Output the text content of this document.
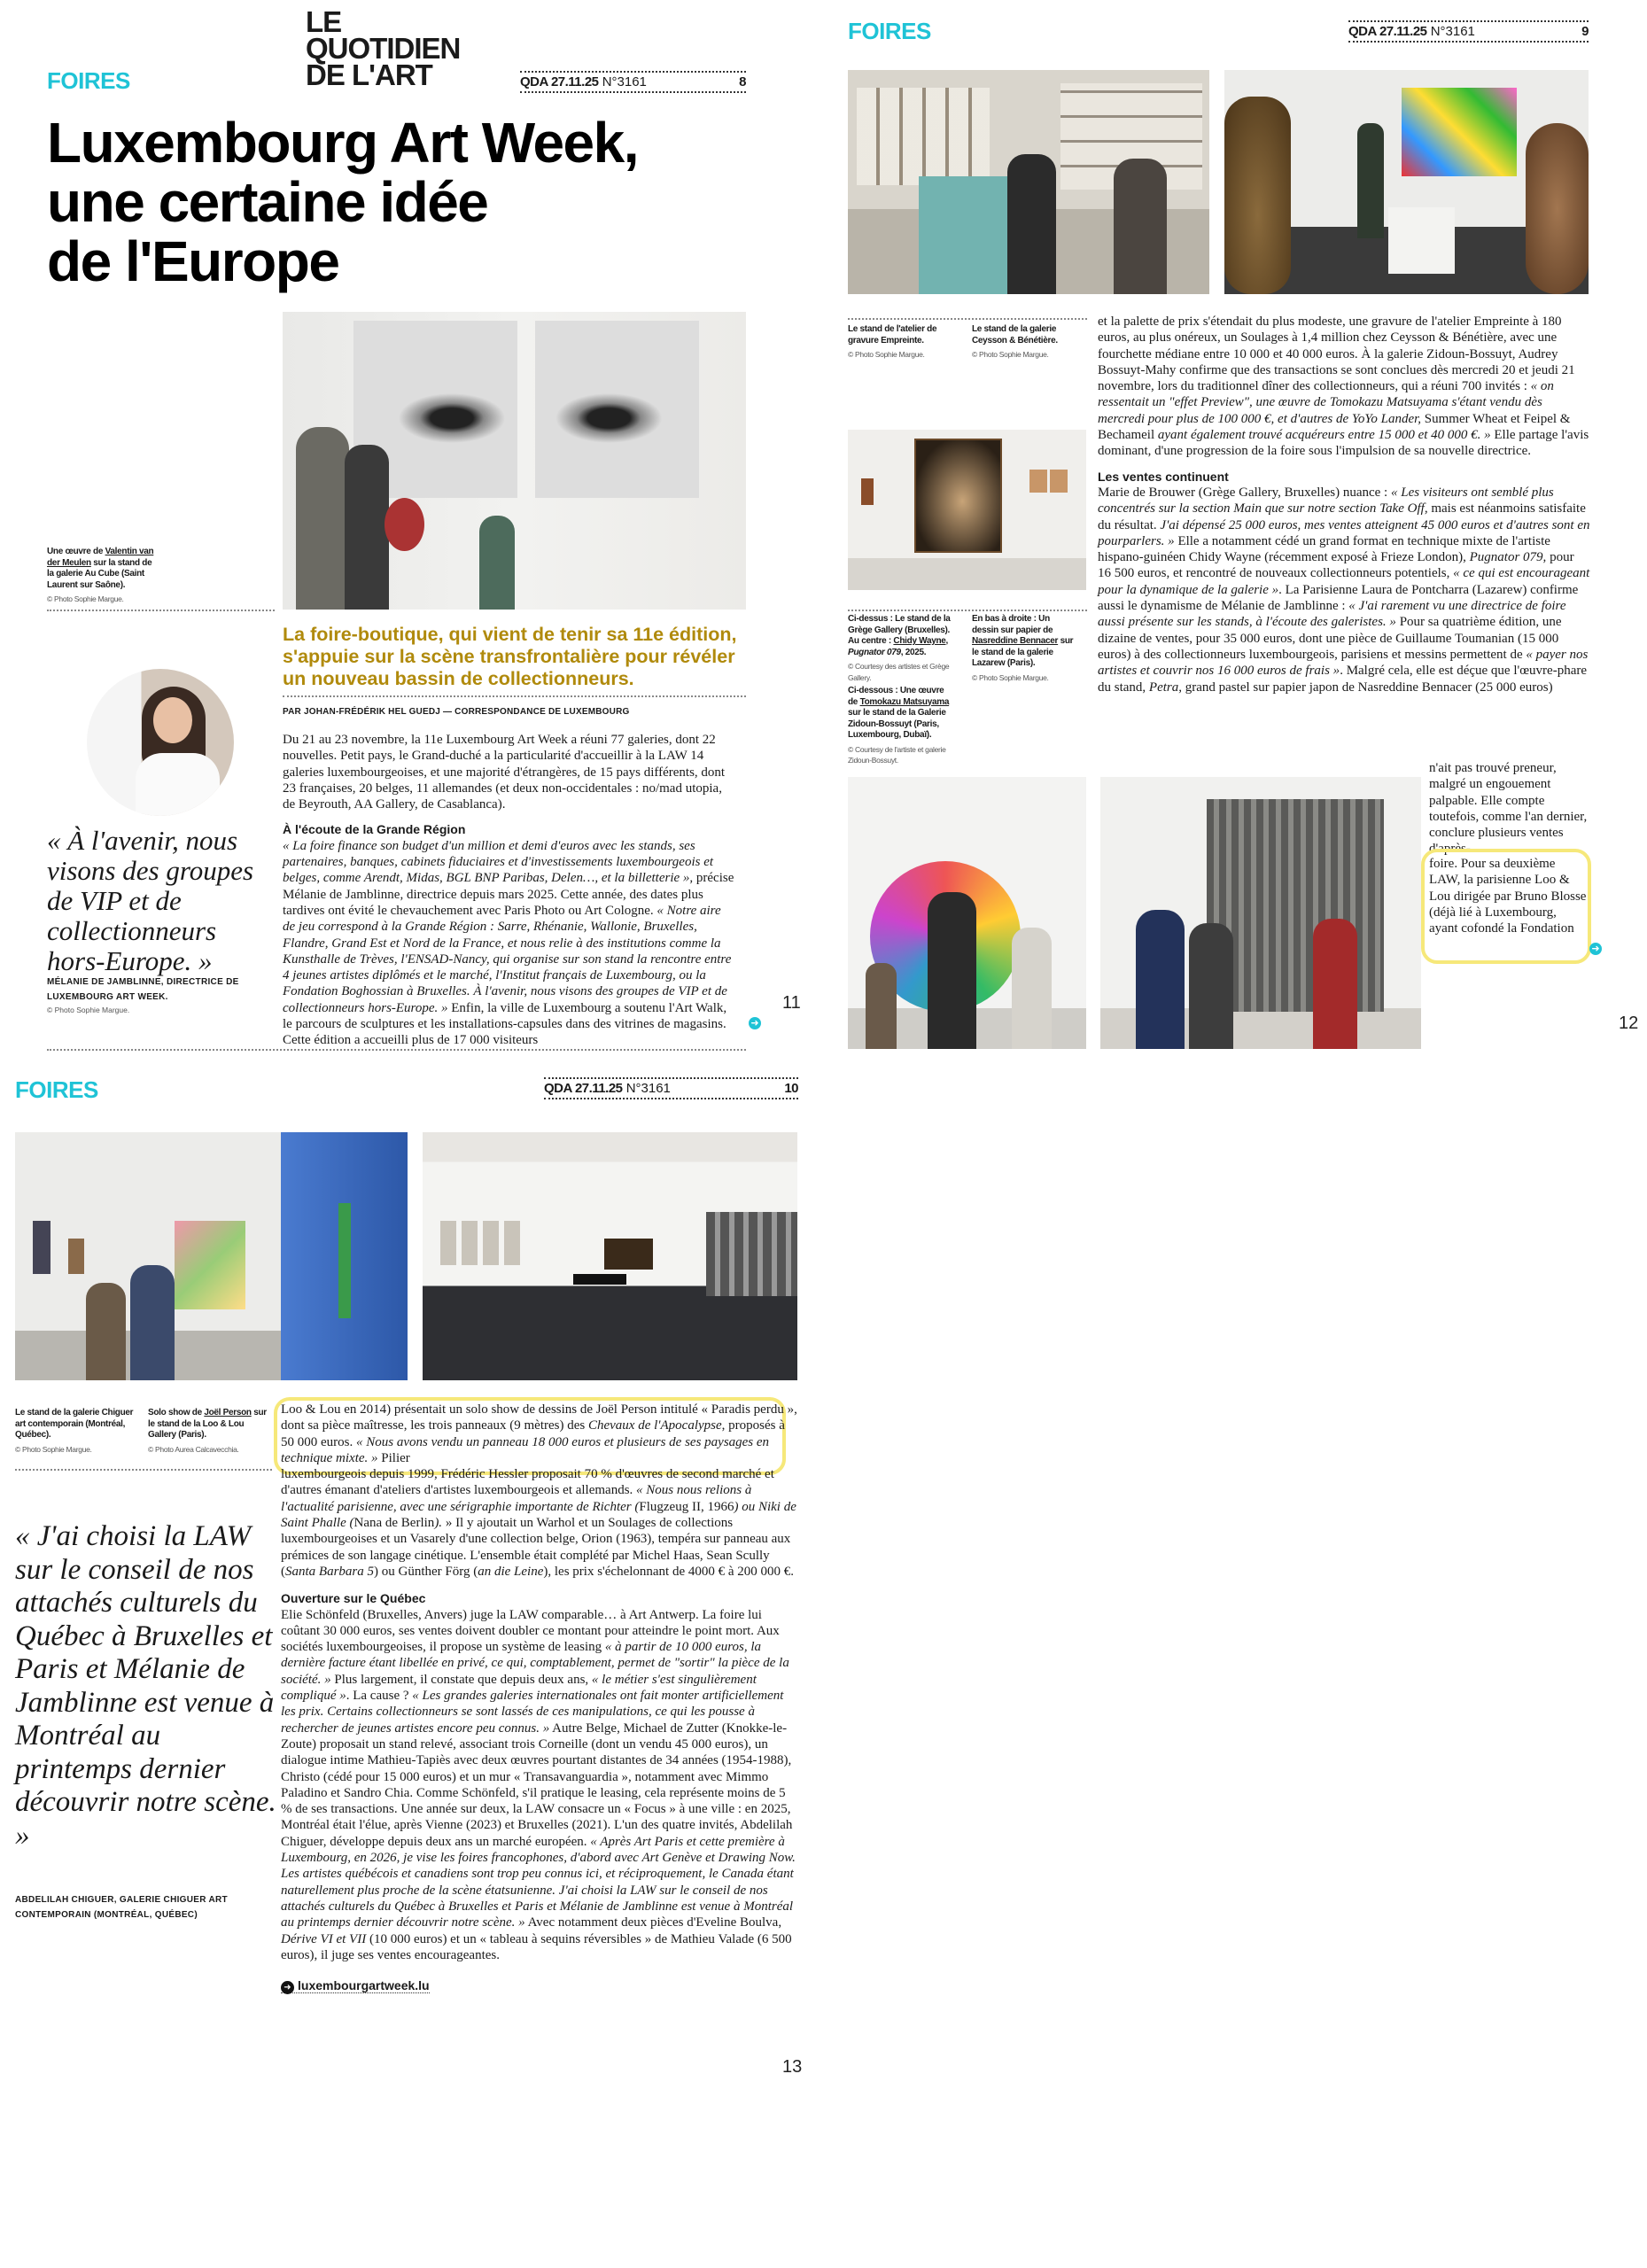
FOIRES
LE
QUOTIDIEN
DE L'ART	QDA 27.11.25 N°3161	8
Luxembourg Art Week,
une certaine idée
de l'Europe
Une œuvre de Valentin van der Meulen sur la stand de la galerie Au Cube (Saint Laurent sur Saône).
© Photo Sophie Margue.
« À l'avenir, nous visons des groupes de VIP et de collectionneurs hors-Europe. »
MÉLANIE DE JAMBLINNE, DIRECTRICE DE LUXEMBOURG ART WEEK.
© Photo Sophie Margue.
La foire-boutique, qui vient de tenir sa 11e édition, s'appuie sur la scène transfrontalière pour révéler un nouveau bassin de collectionneurs.
PAR JOHAN-FRÉDÉRIK HEL GUEDJ — CORRESPONDANCE DE LUXEMBOURG

Du 21 au 23 novembre, la 11e Luxembourg Art Week a réuni 77 galeries, dont 22 nouvelles. Petit pays, le Grand-duché a la particularité d'accueillir à la LAW 14 galeries luxembourgeoises, et une majorité d'étrangères, de 15 pays différents, dont 23 françaises, 20 belges, 11 allemandes (et deux non-occidentales : no/mad utopia, de Beyrouth, AA Gallery, de Casablanca).

À l'écoute de la Grande Région

« La foire finance son budget d'un million et demi d'euros avec les stands, ses partenaires, banques, cabinets fiduciaires et d'investissements luxembourgeois et belges, comme Arendt, Midas, BGL BNP Paribas, Delen…, et la billetterie », précise Mélanie de Jamblinne, directrice depuis mars 2025. Cette année, des dates plus tardives ont évité le chevauchement avec Paris Photo ou Art Cologne. « Notre aire de jeu correspond à la Grande Région : Sarre, Rhénanie, Wallonie, Bruxelles, Flandre, Grand Est et Nord de la France, et nous relie à des institutions comme la Kunsthalle de Trèves, l'ENSAD-Nancy, qui organise sur son stand la rencontre entre 4 jeunes artistes diplômés et le marché, l'Institut français de Luxembourg, ou la Fondation Boghossian à Bruxelles. À l'avenir, nous visons des groupes de VIP et de collectionneurs hors-Europe. » Enfin, la ville de Luxembourg a soutenu l'Art Walk, le parcours de sculptures et les installations-capsules dans des vitrines de magasins. Cette édition a accueilli plus de 17 000 visiteurs

➜
11
FOIRES	QDA 27.11.25 N°3161	9
Le stand de l'atelier de gravure Empreinte.
© Photo Sophie Margue.
Le stand de la galerie Ceysson & Bénétière.
© Photo Sophie Margue.
Ci-dessus : Le stand de la Grège Gallery (Bruxelles). Au centre : Chidy Wayne, Pugnator 079, 2025.
© Courtesy des artistes et Grège Gallery.
Ci-dessous : Une œuvre de Tomokazu Matsuyama sur le stand de la Galerie Zidoun-Bossuyt (Paris, Luxembourg, Dubaï).
© Courtesy de l'artiste et galerie Zidoun-Bossuyt.
En bas à droite : Un dessin sur papier de Nasreddine Bennacer sur le stand de la galerie Lazarew (Paris).
© Photo Sophie Margue.

et la palette de prix s'étendait du plus modeste, une gravure de l'atelier Empreinte à 180 euros, au plus onéreux, un Soulages à 1,4 million chez Ceysson & Bénétière, avec une fourchette médiane entre 10 000 et 40 000 euros. À la galerie Zidoun-Bossuyt, Audrey Bossuyt-Mahy confirme que des transactions se sont conclues dès mercredi 20 et jeudi 21 novembre, lors du traditionnel dîner des collectionneurs, qui a réuni 700 invités : « on ressentait un "effet Preview", une œuvre de Tomokazu Matsuyama s'étant vendu dès mercredi pour plus de 100 000 €, et d'autres de YoYo Lander, Summer Wheat et Feipel & Bechameil ayant également trouvé acquéreurs entre 15 000 et 40 000 €. » Elle partage l'avis dominant, d'une progression de la foire sous l'impulsion de sa nouvelle directrice.

Les ventes continuent

Marie de Brouwer (Grège Gallery, Bruxelles) nuance : « Les visiteurs ont semblé plus concentrés sur la section Main que sur notre section Take Off, mais est néanmoins satisfaite du résultat. J'ai dépensé 25 000 euros, mes ventes atteignent 45 000 euros et d'autres sont en pourparlers. » Elle a notamment cédé un grand format en technique mixte de l'artiste hispano-guinéen Chidy Wayne (récemment exposé à Frieze London), Pugnator 079, pour 16 500 euros, et rencontré de nouveaux collectionneurs potentiels, « ce qui est encourageant pour la dynamique de la galerie ». La Parisienne Laura de Pontcharra (Lazarew) confirme aussi le dynamisme de Mélanie de Jamblinne : « J'ai rarement vu une directrice de foire aussi présente sur les stands, à l'écoute des galeristes. » Pour sa quatrième édition, une dizaine de ventes, pour 35 000 euros, dont une pièce de Guillaume Toumanian (15 000 euros) à des collectionneurs luxembourgeois, parisiens et messins permettent de « payer nos artistes et couvrir nos 16 000 euros de frais ». Malgré cela, elle est déçue que l'œuvre-phare du stand, Petra, grand pastel sur papier japon de Nasreddine Bennacer (25 000 euros)

n'ait pas trouvé preneur, malgré un engouement palpable. Elle compte toutefois, comme l'an dernier, conclure plusieurs ventes d'après-
foire. Pour sa deuxième LAW, la parisienne Loo & Lou dirigée par Bruno Blosse (déjà lié à Luxembourg, ayant cofondé la Fondation
➜
12
FOIRES	QDA 27.11.25 N°3161	10
Le stand de la galerie Chiguer art contemporain (Montréal, Québec).
© Photo Sophie Margue.
Solo show de Joël Person sur le stand de la Loo & Lou Gallery (Paris).
© Photo Aurea Calcavecchia.
« J'ai choisi la LAW sur le conseil de nos attachés culturels du Québec à Bruxelles et Paris et Mélanie de Jamblinne est venue à Montréal au printemps dernier découvrir notre scène. »
ABDELILAH CHIGUER, GALERIE CHIGUER ART CONTEMPORAIN (MONTRÉAL, QUÉBEC)

Loo & Lou en 2014) présentait un solo show de dessins de Joël Person intitulé « Paradis perdu », dont sa pièce maîtresse, les trois panneaux (9 mètres) des Chevaux de l'Apocalypse, proposés à 50 000 euros. « Nous avons vendu un panneau 18 000 euros et plusieurs de ses paysages en technique mixte. » Pilier

luxembourgeois depuis 1999, Frédéric Hessler proposait 70 % d'œuvres de second marché et d'autres émanant d'ateliers d'artistes luxembourgeois et allemands. « Nous nous relions à l'actualité parisienne, avec une sérigraphie importante de Richter (Flugzeug II, 1966) ou Niki de Saint Phalle (Nana de Berlin). » Il y ajoutait un Warhol et un Soulages de collections luxembourgeoises et un Vasarely d'une collection belge, Orion (1963), tempéra sur panneau aux prémices de son langage cinétique. L'ensemble était complété par Michel Haas, Sean Scully (Santa Barbara 5) ou Günther Förg (an die Leine), les prix s'échelonnant de 4000 € à 200 000 €.

Ouverture sur le Québec

Elie Schönfeld (Bruxelles, Anvers) juge la LAW comparable… à Art Antwerp. La foire lui coûtant 30 000 euros, ses ventes doivent doubler ce montant pour atteindre le point mort. Aux sociétés luxembourgeoises, il propose un système de leasing « à partir de 10 000 euros, la dernière facture étant libellée en privé, ce qui, comptablement, permet de "sortir" la pièce de la société. » Plus largement, il constate que depuis deux ans, « le métier s'est singulièrement compliqué ». La cause ? « Les grandes galeries internationales ont fait monter artificiellement les prix. Certains collectionneurs se sont lassés de ces manipulations, ce qui les pousse à rechercher de jeunes artistes encore peu connus. » Autre Belge, Michael de Zutter (Knokke-le-Zoute) proposait un stand relevé, associant trois Corneille (dont un vendu 45 000 euros), un dialogue intime Mathieu-Tapiès avec deux œuvres pourtant distantes de 34 années (1954-1988), Christo (cédé pour 15 000 euros) et un mur « Transavanguardia », notamment avec Mimmo Paladino et Sandro Chia. Comme Schönfeld, s'il pratique le leasing, cela représente moins de 5 % de ses transactions. Une année sur deux, la LAW consacre un « Focus » à une ville : en 2025, Montréal était l'élue, après Vienne (2023) et Bruxelles (2021). L'un des quatre invités, Abdelilah Chiguer, développe depuis deux ans un marché européen. « Après Art Paris et cette première à Luxembourg, en 2026, je vise les foires francophones, d'abord avec Art Genève et Drawing Now. Les artistes québécois et canadiens sont trop peu connus ici, et réciproquement, le Canada étant naturellement plus proche de la scène étatsunienne. J'ai choisi la LAW sur le conseil de nos attachés culturels du Québec à Bruxelles et Paris et Mélanie de Jamblinne est venue à Montréal au printemps dernier découvrir notre scène. » Avec notamment deux pièces d'Eveline Boulva, Dérive VI et VII (10 000 euros) et un « tableau à sequins réversibles » de Mathieu Valade (6 500 euros), il juge ses ventes encourageantes.

➜ luxembourgartweek.lu
13
